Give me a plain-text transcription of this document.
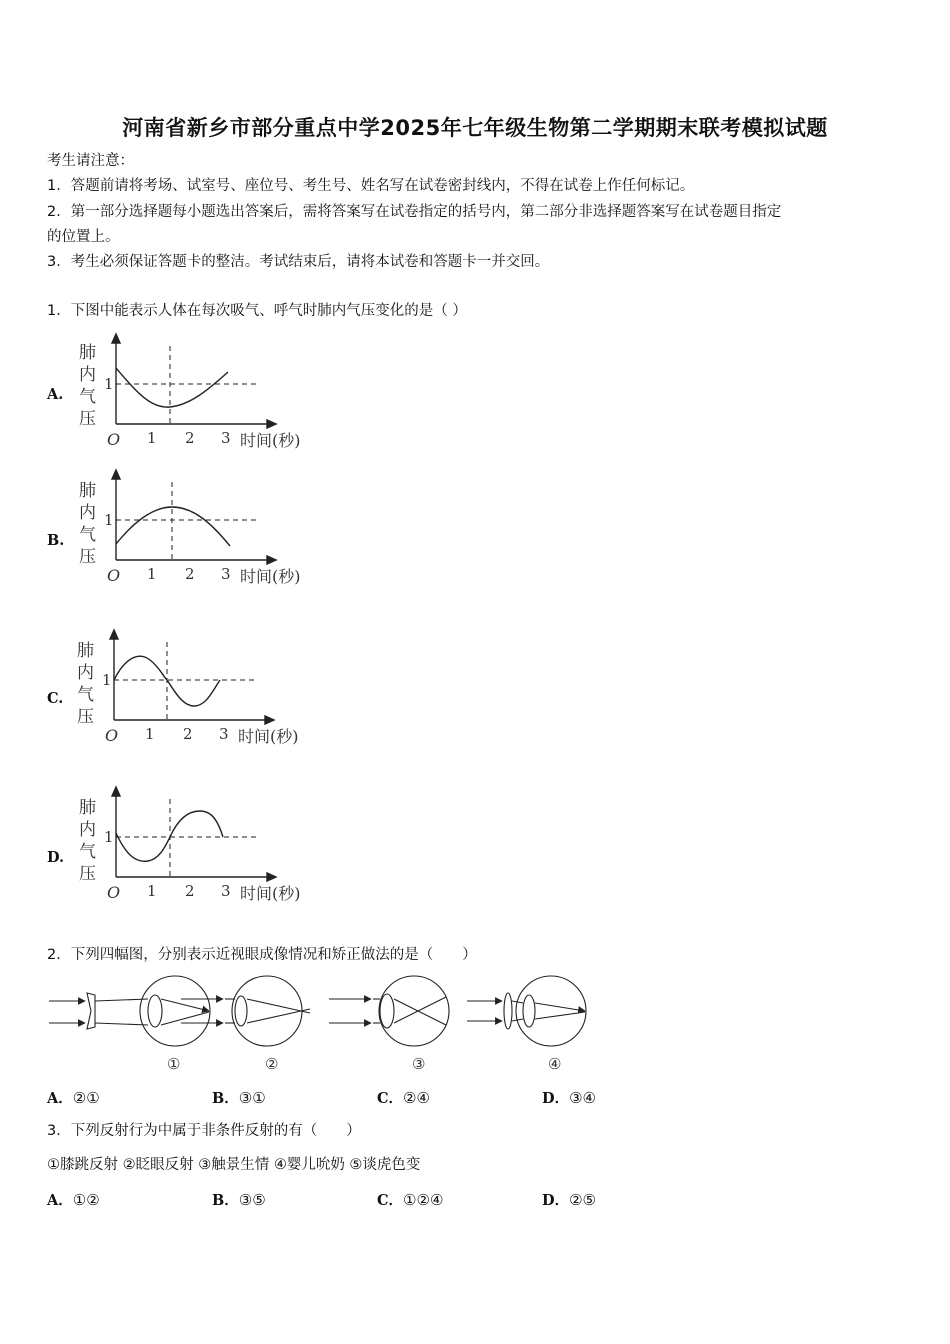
河南省新乡市部分重点中学2025年七年级生物第二学期期末联考模拟试题
考生请注意：
1．答题前请将考场、试室号、座位号、考生号、姓名写在试卷密封线内，不得在试卷上作任何标记。
2．第一部分选择题每小题选出答案后，需将答案写在试卷指定的括号内，第二部分非选择题答案写在试卷题目指定
的位置上。
3．考生必须保证答题卡的整洁。考试结束后，请将本试卷和答题卡一并交回。
1．下图中能表示人体在每次吸气、呼气时肺内气压变化的是（ ）
A.
肺
内
气
压
1
O 1 2 3 时间(秒)
B.
肺
内
气
压
1
O 1 2 3 时间(秒)
C.
肺
内
气
压
1
O 1 2 3 时间(秒)
D.
肺
内
气
压
1
O 1 2 3 时间(秒)
2．下列四幅图，分别表示近视眼成像情况和矫正做法的是（　　）
①	②	③	④
A．②①	B．③①	C．②④	D．③④
3．下列反射行为中属于非条件反射的有（　　）
①膝跳反射 ②眨眼反射 ③触景生情 ④婴儿吮奶 ⑤谈虎色变
A．①②	B．③⑤	C．①②④	D．②⑤
